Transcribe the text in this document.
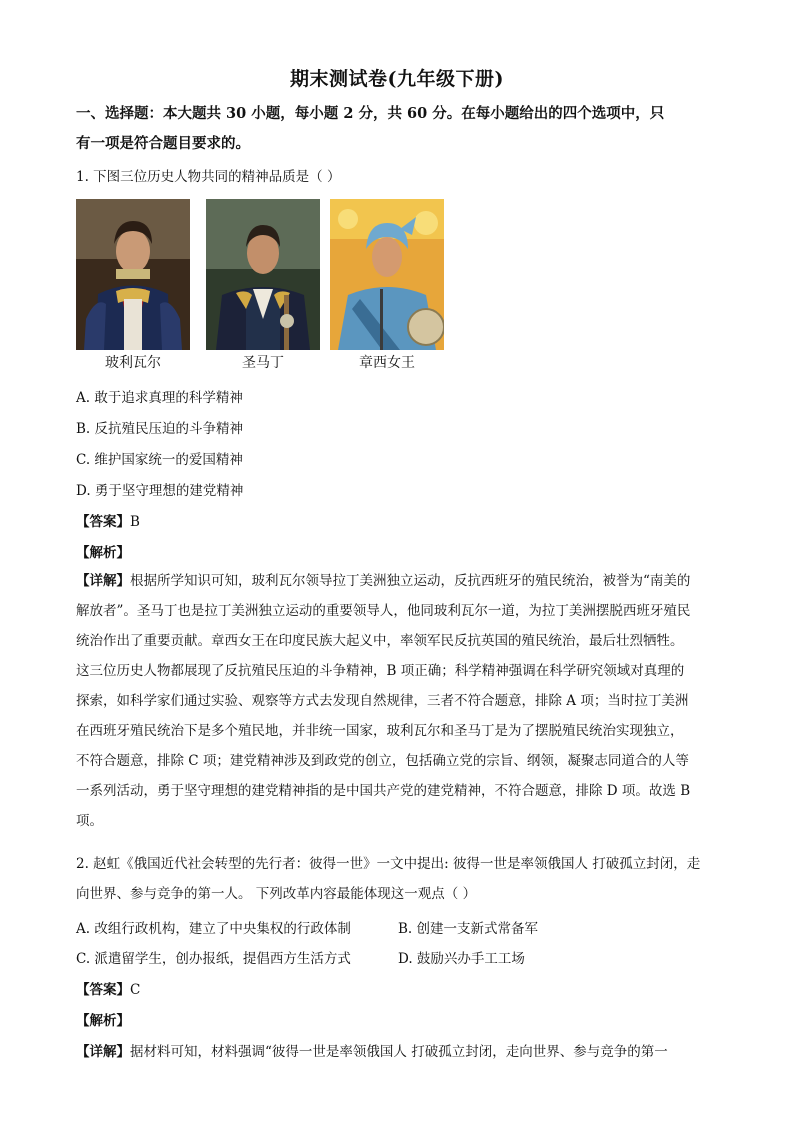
期末测试卷(九年级下册)
一、选择题：本大题共 30 小题，每小题 2 分，共 60 分。在每小题给出的四个选项中，只
有一项是符合题目要求的。
1. 下图三位历史人物共同的精神品质是（ ）
玻利瓦尔	圣马丁	章西女王
A. 敢于追求真理的科学精神
B. 反抗殖民压迫的斗争精神
C. 维护国家统一的爱国精神
D. 勇于坚守理想的建党精神
【答案】B
【解析】
【详解】根据所学知识可知，玻利瓦尔领导拉丁美洲独立运动，反抗西班牙的殖民统治，被誉为“南美的
解放者”。圣马丁也是拉丁美洲独立运动的重要领导人，他同玻利瓦尔一道，为拉丁美洲摆脱西班牙殖民
统治作出了重要贡献。章西女王在印度民族大起义中，率领军民反抗英国的殖民统治，最后壮烈牺牲。
这三位历史人物都展现了反抗殖民压迫的斗争精神，B 项正确；科学精神强调在科学研究领域对真理的
探索，如科学家们通过实验、观察等方式去发现自然规律，三者不符合题意，排除 A 项；当时拉丁美洲
在西班牙殖民统治下是多个殖民地，并非统一国家，玻利瓦尔和圣马丁是为了摆脱殖民统治实现独立，
不符合题意，排除 C 项；建党精神涉及到政党的创立，包括确立党的宗旨、纲领，凝聚志同道合的人等
一系列活动，勇于坚守理想的建党精神指的是中国共产党的建党精神，不符合题意，排除 D 项。故选 B
项。
2. 赵虹《俄国近代社会转型的先行者：彼得一世》一文中提出: 彼得一世是率领俄国人 打破孤立封闭，走
向世界、参与竞争的第一人。 下列改革内容最能体现这一观点（ ）
A. 改组行政机构，建立了中央集权的行政体制	B. 创建一支新式常备军
C. 派遣留学生，创办报纸，提倡西方生活方式	D. 鼓励兴办手工工场
【答案】C
【解析】
【详解】据材料可知，材料强调“彼得一世是率领俄国人 打破孤立封闭，走向世界、参与竞争的第一
